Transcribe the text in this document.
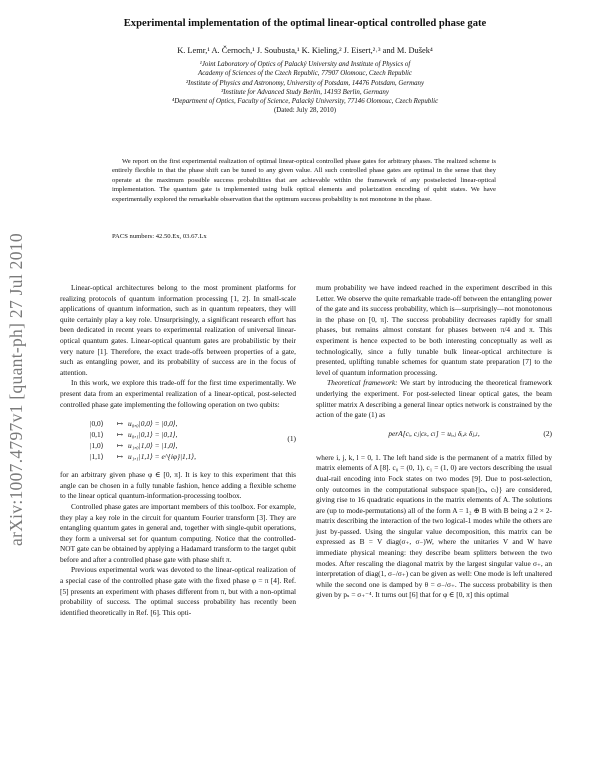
arXiv:1007.4797v1 [quant-ph] 27 Jul 2010
Experimental implementation of the optimal linear-optical controlled phase gate
K. Lemr,¹ A. Černoch,¹ J. Soubusta,¹ K. Kieling,² J. Eisert,²˒³ and M. Dušek⁴
¹Joint Laboratory of Optics of Palacký University and Institute of Physics of
Academy of Sciences of the Czech Republic, 77907 Olomouc, Czech Republic
²Institute of Physics and Astronomy, University of Potsdam, 14476 Potsdam, Germany
³Institute for Advanced Study Berlin, 14193 Berlin, Germany
⁴Department of Optics, Faculty of Science, Palacký University, 77146 Olomouc, Czech Republic
(Dated: July 28, 2010)
We report on the first experimental realization of optimal linear-optical controlled phase gates for arbitrary phases. The realized scheme is entirely flexible in that the phase shift can be tuned to any given value. All such controlled phase gates are optimal in the sense that they operate at the maximum possible success probabilities that are achievable within the framework of any postselected linear-optical implementation. The quantum gate is implemented using bulk optical elements and polarization encoding of qubit states. We have experimentally explored the remarkable observation that the optimum success probability is not monotone in the phase.
PACS numbers: 42.50.Ex, 03.67.Lx

Linear-optical architectures belong to the most prominent platforms for realizing protocols of quantum information processing [1, 2]. In small-scale applications of quantum information, such as in quantum repeaters, they will quite certainly play a key role. Unsurprisingly, a significant research effort has been dedicated in recent years to experimental realization of universal linear-optical quantum gates. Linear-optical quantum gates are probabilistic by their very nature [1]. Therefore, the exact trade-offs between properties of a gate, such as entangling power, and its probability of success are in the focus of attention.

In this work, we explore this trade-off for the first time experimentally. We present data from an experimental realization of a linear-optical, post-selected controlled phase gate implementing the following operation on two qubits:

|0,0⟩ ↦ u₀,₀|0,0⟩ = |0,0⟩,
|0,1⟩ ↦ u₀,₁|0,1⟩ = |0,1⟩,
|1,0⟩ ↦ u₁,₀|1,0⟩ = |1,0⟩,
|1,1⟩ ↦ u₁,₁|1,1⟩ = e^{iφ}|1,1⟩,
(1)

for an arbitrary given phase φ ∈ [0, π]. It is key to this experiment that this angle can be chosen in a fully tunable fashion, hence adding a flexible scheme to the linear optical quantum-information-processing toolbox.

Controlled phase gates are important members of this toolbox. For example, they play a key role in the circuit for quantum Fourier transform [3]. They are entangling quantum gates in general and, together with single-qubit operations, they form a universal set for quantum computing. Notice that the controlled-NOT gate can be obtained by applying a Hadamard transform to the target qubit before and after a controlled phase gate with phase shift π.

Previous experimental work was devoted to the linear-optical realization of a special case of the controlled phase gate with the fixed phase φ = π [4]. Ref. [5] presents an experiment with phases different from π, but with a non-optimal probability of success. The optimal success probability has recently been identified theoretically in Ref. [6]. This opti-

mum probability we have indeed reached in the experiment described in this Letter. We observe the quite remarkable trade-off between the entangling power of the gate and its success probability, which is—surprisingly—not monotonous in the phase on [0, π]. The success probability decreases rapidly for small phases, but remains almost constant for phases between π/4 and π. This experiment is hence expected to be both interesting conceptually as well as technologically, since a fully tunable bulk linear-optical architecture is presented, uplifting tunable schemes for quantum state preparation [7] to the level of quantum information processing.

Theoretical framework: We start by introducing the theoretical framework underlying the experiment. For post-selected linear optical gates, the beam splitter matrix A describing a general linear optics network is constrained by the action of the gate (1) as

perA[cᵢ, cⱼ|cₖ, cₗ] = uᵢ,ⱼ δᵢ,ₖ δⱼ,ₗ,	(2)

where i, j, k, l = 0, 1. The left hand side is the permanent of a matrix filled by matrix elements of A [8]. c₀ = (0, 1), c₁ = (1, 0) are vectors describing the usual dual-rail encoding into Fock states on two modes [9]. Due to post-selection, only outcomes in the computational subspace span{|cₖ, cₗ⟩} are considered, giving rise to 16 quadratic equations in the matrix elements of A. The solutions are (up to mode-permutations) all of the form A = 1₂ ⊕ B with B being a 2 × 2-matrix describing the interaction of the two logical-1 modes while the others are just by-passed. Using the singular value decomposition, this matrix can be expressed as B = V diag(σ₊, σ₋)W, where the unitaries V and W have immediate physical meaning: they describe beam splitters between the two modes. After rescaling the diagonal matrix by the largest singular value σ₊, an interpretation of diag(1, σ₋/σ₊) can be given as well: One mode is left unaltered while the second one is damped by θ = σ₋/σ₊. The success probability is then given by pₛ = σ₊⁻⁴. It turns out [6] that for φ ∈ [0, π] this optimal
